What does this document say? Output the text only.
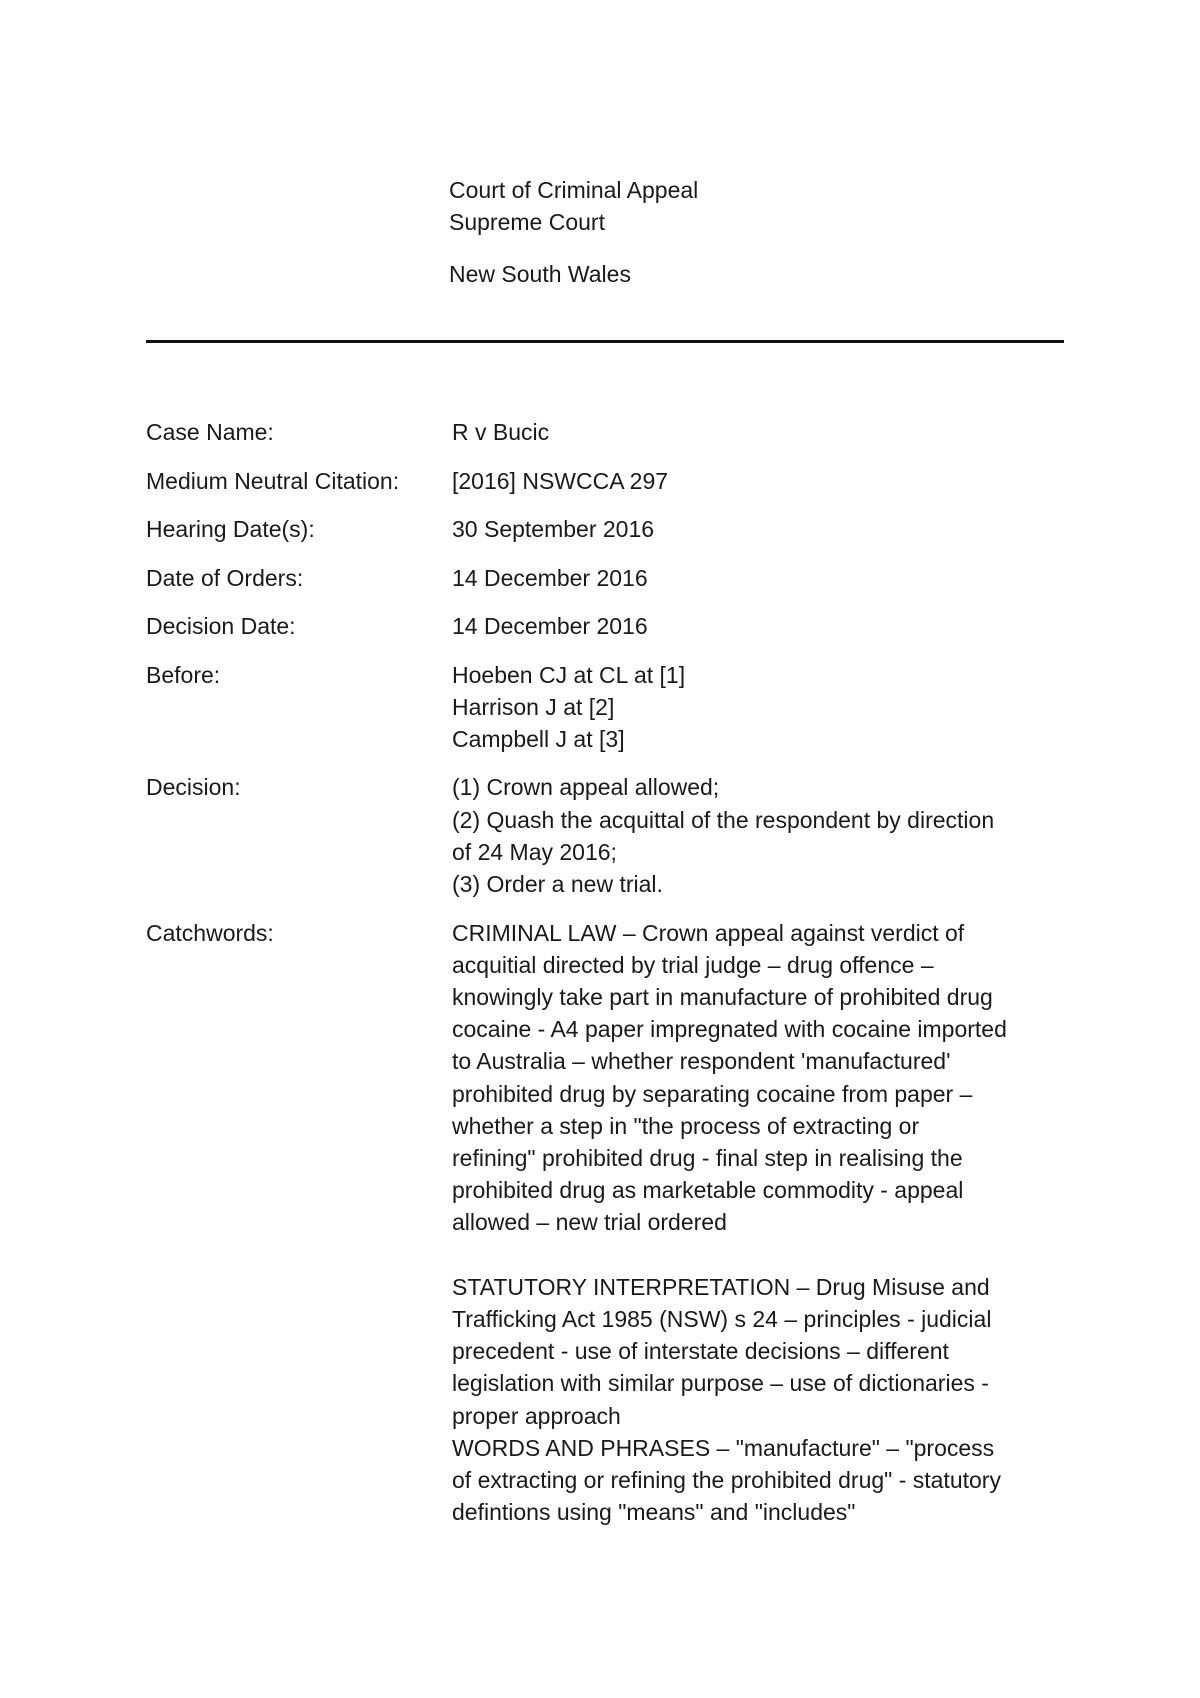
Court of Criminal Appeal
Supreme Court
New South Wales
Case Name:	R v Bucic
Medium Neutral Citation:	[2016] NSWCCA 297
Hearing Date(s):	30 September 2016
Date of Orders:	14 December 2016
Decision Date:	14 December 2016
Before:	Hoeben CJ at CL at [1]
Harrison J at [2]
Campbell J at [3]
Decision:	(1) Crown appeal allowed;
(2) Quash the acquittal of the respondent by direction
of 24 May 2016;
(3) Order a new trial.
Catchwords:	CRIMINAL LAW – Crown appeal against verdict of
acquitial directed by trial judge – drug offence –
knowingly take part in manufacture of prohibited drug
cocaine - A4 paper impregnated with cocaine imported
to Australia – whether respondent 'manufactured'
prohibited drug by separating cocaine from paper –
whether a step in "the process of extracting or
refining" prohibited drug - final step in realising the
prohibited drug as marketable commodity - appeal
allowed – new trial ordered
STATUTORY INTERPRETATION – Drug Misuse and
Trafficking Act 1985 (NSW) s 24 – principles - judicial
precedent - use of interstate decisions – different
legislation with similar purpose – use of dictionaries -
proper approach
WORDS AND PHRASES – "manufacture" – "process
of extracting or refining the prohibited drug" - statutory
defintions using "means" and "includes"
